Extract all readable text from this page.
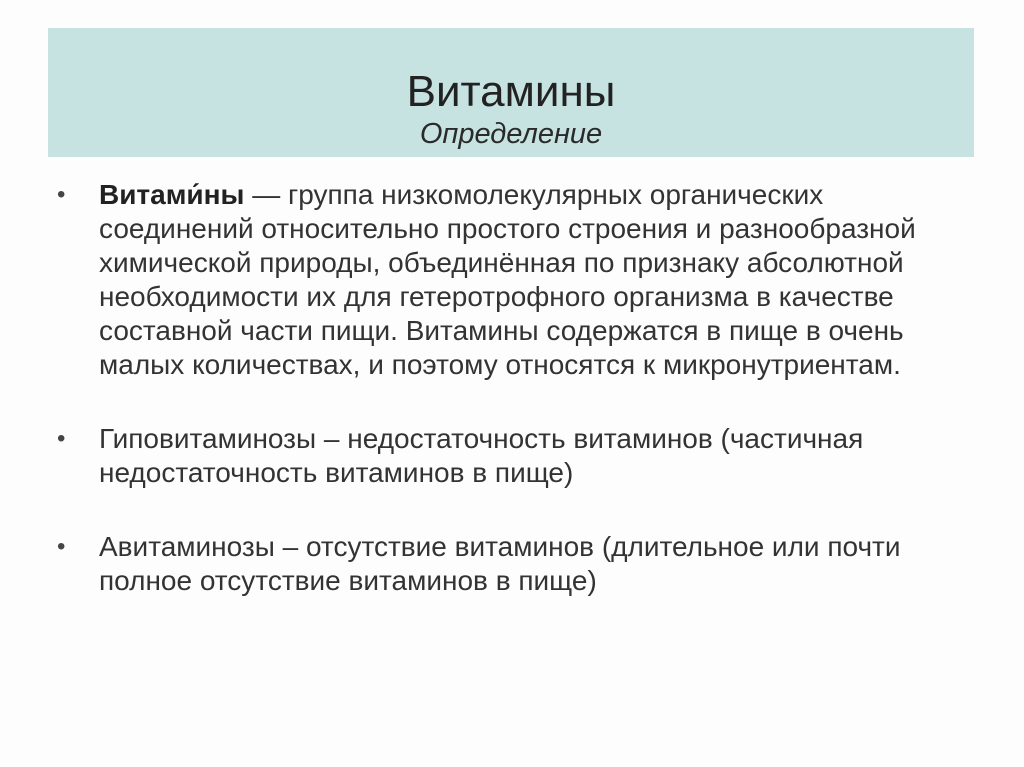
Витамины

Определение

• Витами́ны — группа низкомолекулярных органических соединений относительно простого строения и разнообразной химической природы, объединённая по признаку абсолютной необходимости их для гетеротрофного организма в качестве составной части пищи. Витамины содержатся в пище в очень малых количествах, и поэтому относятся к микронутриентам.
• Гиповитаминозы – недостаточность витаминов (частичная недостаточность витаминов в пище)
• Авитаминозы – отсутствие витаминов (длительное или почти полное отсутствие витаминов в пище)
